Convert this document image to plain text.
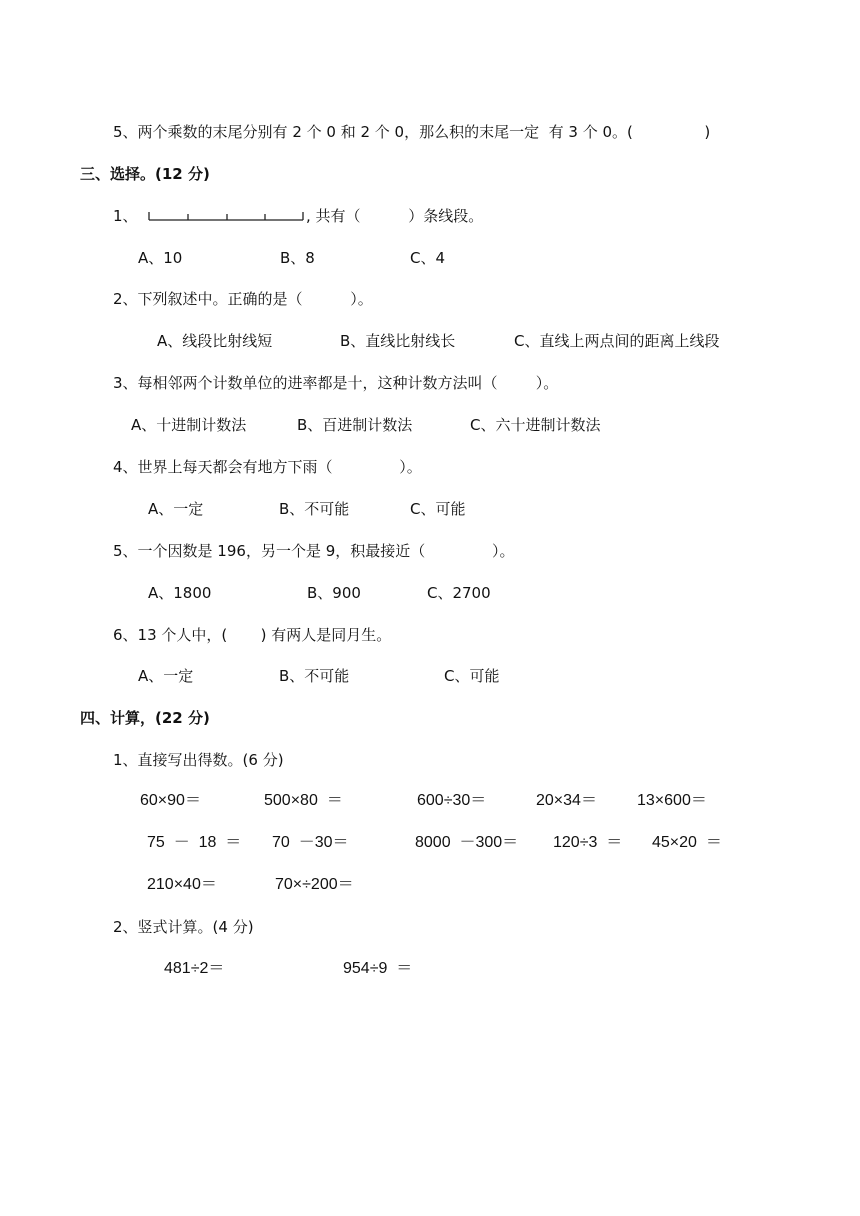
5、两个乘数的末尾分别有 2 个 0 和 2 个 0，那么积的末尾一定  有 3 个 0。(               )
三、选择。(12 分)
1、	, 共有（          ）条线段。
A、10	B、8	C、4
2、下列叙述中。正确的是（          ）。
A、线段比射线短	B、直线比射线长	C、直线上两点间的距离上线段
3、每相邻两个计数单位的进率都是十，这种计数方法叫（        ）。
A、十进制计数法	B、百进制计数法	C、六十进制计数法
4、世界上每天都会有地方下雨（              ）。
A、一定	B、不可能	C、可能
5、一个因数是 196，另一个是 9，积最接近（              ）。
A、1800	B、900	C、2700
6、13 个人中，(       ) 有两人是同月生。
A、一定	B、不可能	C、可能
四、计算，(22 分)
1、直接写出得数。(6 分)
60×90＝	500×80  ＝	600÷30＝	20×34＝	13×600＝
75  －  18  ＝ 70  －30＝	8000  －300＝ 120÷3  ＝ 45×20  ＝
210×40＝	70×÷200＝
2、竖式计算。(4 分)
481÷2＝	954÷9  ＝
